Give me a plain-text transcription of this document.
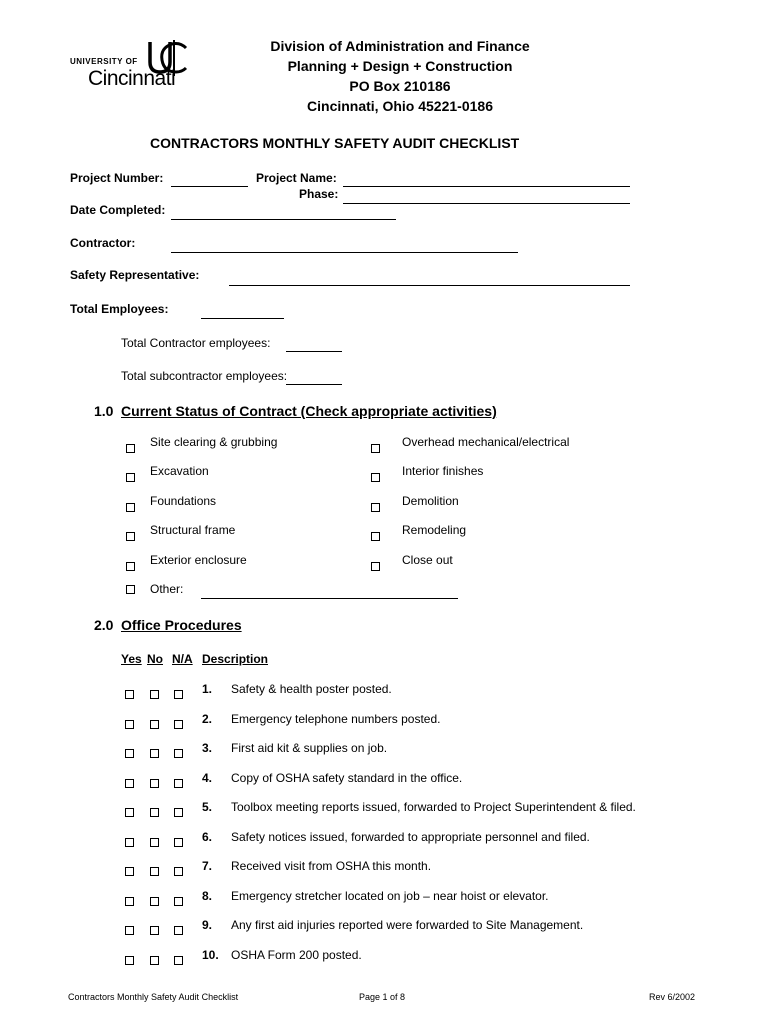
UNIVERSITY OF
Cincinnati
Division of Administration and Finance
Planning + Design + Construction
PO Box 210186
Cincinnati, Ohio 45221-0186
CONTRACTORS MONTHLY SAFETY AUDIT CHECKLIST
Project Number:	Project Name:
Phase:
Date Completed:
Contractor:
Safety Representative:
Total Employees:
Total Contractor employees:
Total subcontractor employees:
1.0 Current Status of Contract (Check appropriate activities)
Site clearing & grubbing
Excavation
Foundations
Structural frame
Exterior enclosure
Overhead mechanical/electrical
Interior finishes
Demolition
Remodeling
Close out
Other:
2.0 Office Procedures
Yes No N/A Description
1. Safety & health poster posted.
2. Emergency telephone numbers posted.
3. First aid kit & supplies on job.
4. Copy of OSHA safety standard in the office.
5. Toolbox meeting reports issued, forwarded to Project Superintendent & filed.
6. Safety notices issued, forwarded to appropriate personnel and filed.
7. Received visit from OSHA this month.
8. Emergency stretcher located on job – near hoist or elevator.
9. Any first aid injuries reported were forwarded to Site Management.
10. OSHA Form 200 posted.
Contractors Monthly Safety Audit Checklist	Page 1 of 8	Rev 6/2002
